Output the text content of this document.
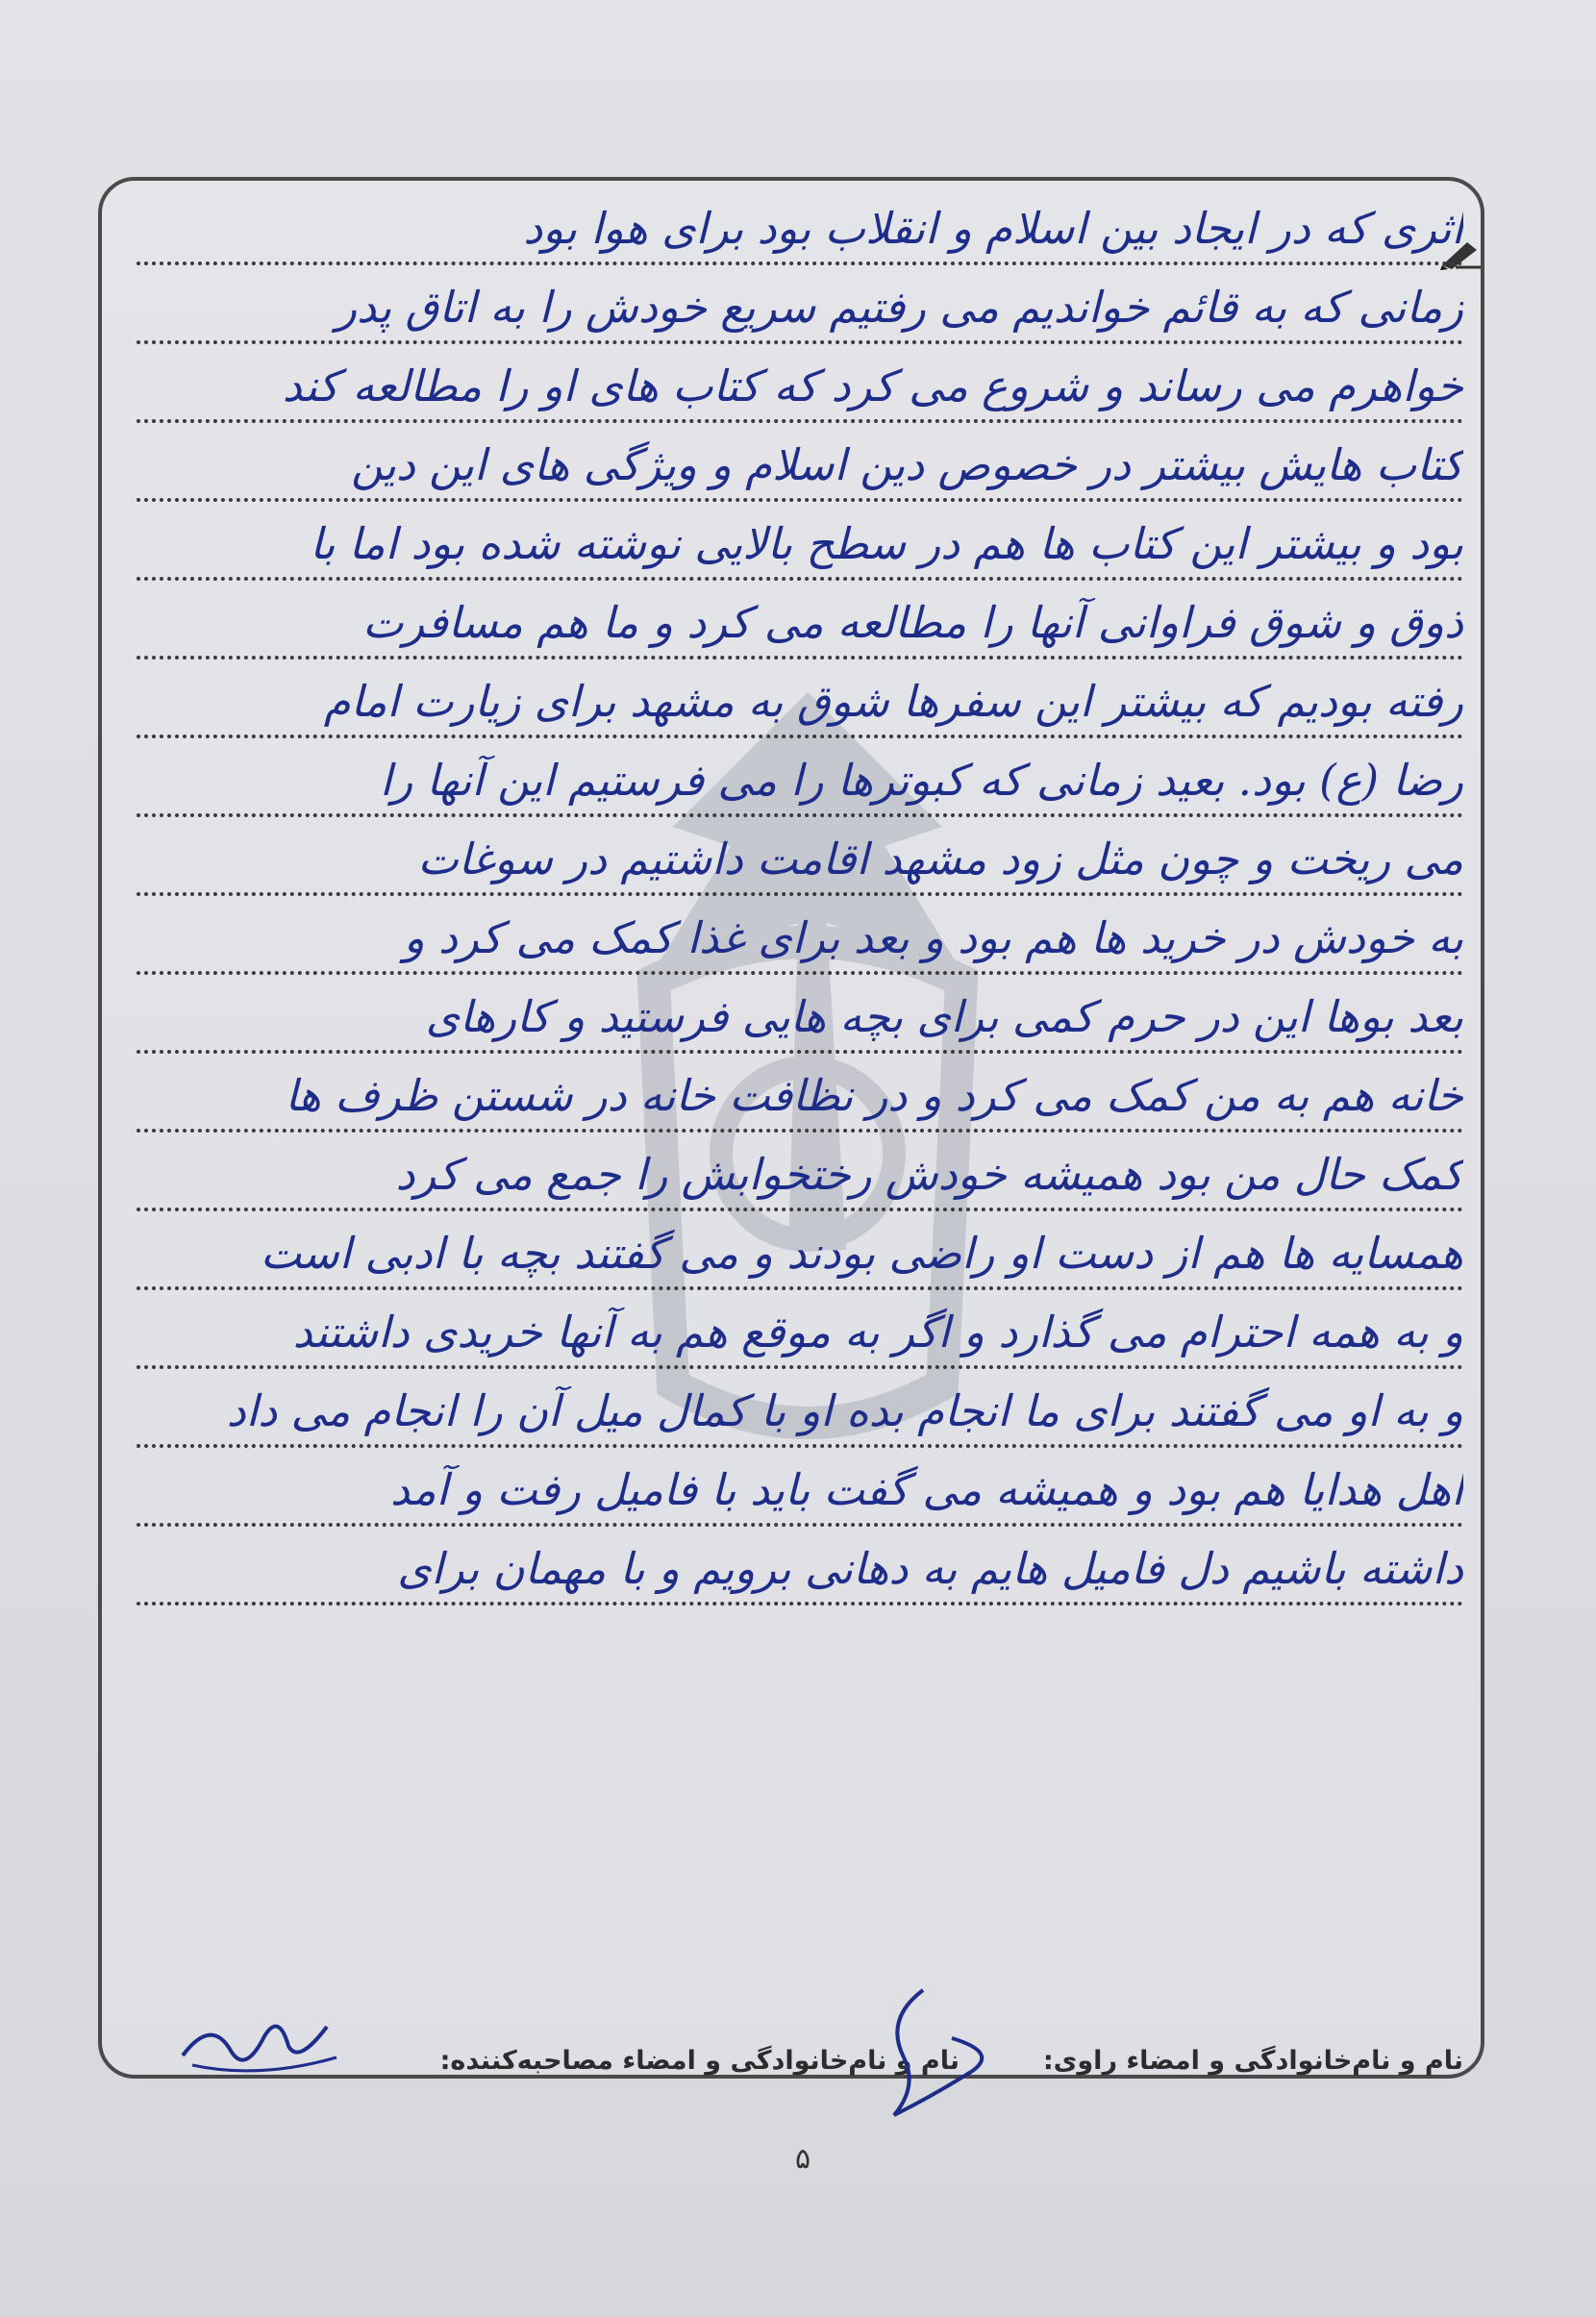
اثری که در ایجاد بین اسلام و انقلاب بود برای هوا بود
زمانی که به قائم خواندیم می رفتیم سریع خودش را به اتاق پدر
خواهرم می رساند و شروع می کرد که کتاب های او را مطالعه کند
کتاب هایش بیشتر در خصوص دین اسلام و ویژگی های این دین
بود و بیشتر این کتاب ها هم در سطح بالایی نوشته شده بود اما با
ذوق و شوق فراوانی آنها را مطالعه می کرد و ما هم مسافرت
رفته بودیم که بیشتر این سفرها شوق به مشهد برای زیارت امام
رضا (ع) بود. بعید زمانی که کبوترها را می فرستیم این آنها را
می ریخت و چون مثل زود مشهد اقامت داشتیم در سوغات
به خودش در خرید ها هم بود و بعد برای غذا کمک می کرد و
بعد بوها این در حرم کمی برای بچه هایی فرستید و کارهای
خانه هم به من کمک می کرد و در نظافت خانه در شستن ظرف ها
کمک حال من بود همیشه خودش رختخوابش را جمع می کرد
همسایه ها هم از دست او راضی بودند و می گفتند بچه با ادبی است
و به همه احترام می گذارد و اگر به موقع هم به آنها خریدی داشتند
و به او می گفتند برای ما انجام بده او با کمال میل آن را انجام می داد
اهل هدایا هم بود و همیشه می گفت باید با فامیل رفت و آمد
داشته باشیم دل فامیل هایم به دهانی برویم و با مهمان برای
نام و نام‌خانوادگی و امضاء راوی:
نام و نام‌خانوادگی و امضاء مصاحبه‌کننده:
۵
